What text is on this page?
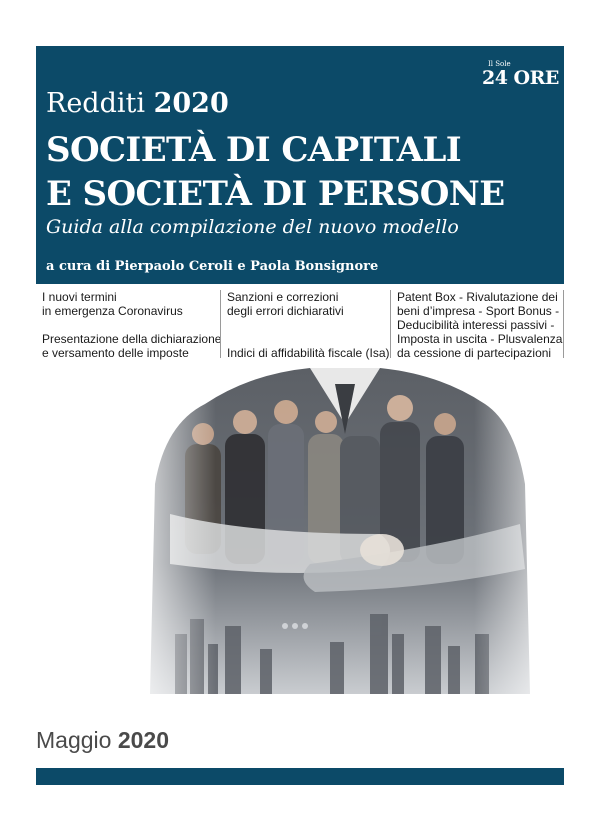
Il Sole
24 ORE
Redditi 2020
SOCIETÀ DI CAPITALI
E SOCIETÀ DI PERSONE
Guida alla compilazione del nuovo modello
a cura di Pierpaolo Ceroli e Paola Bonsignore

I nuovi termini

in emergenza Coronavirus

Presentazione della dichiarazione

e versamento delle imposte

Sanzioni e correzioni

degli errori dichiarativi

Indici di affidabilità fiscale (Isa)

Patent Box - Rivalutazione dei

beni d’impresa - Sport Bonus -

Deducibilità interessi passivi -

Imposta in uscita - Plusvalenza

da cessione di partecipazioni

Maggio 2020
